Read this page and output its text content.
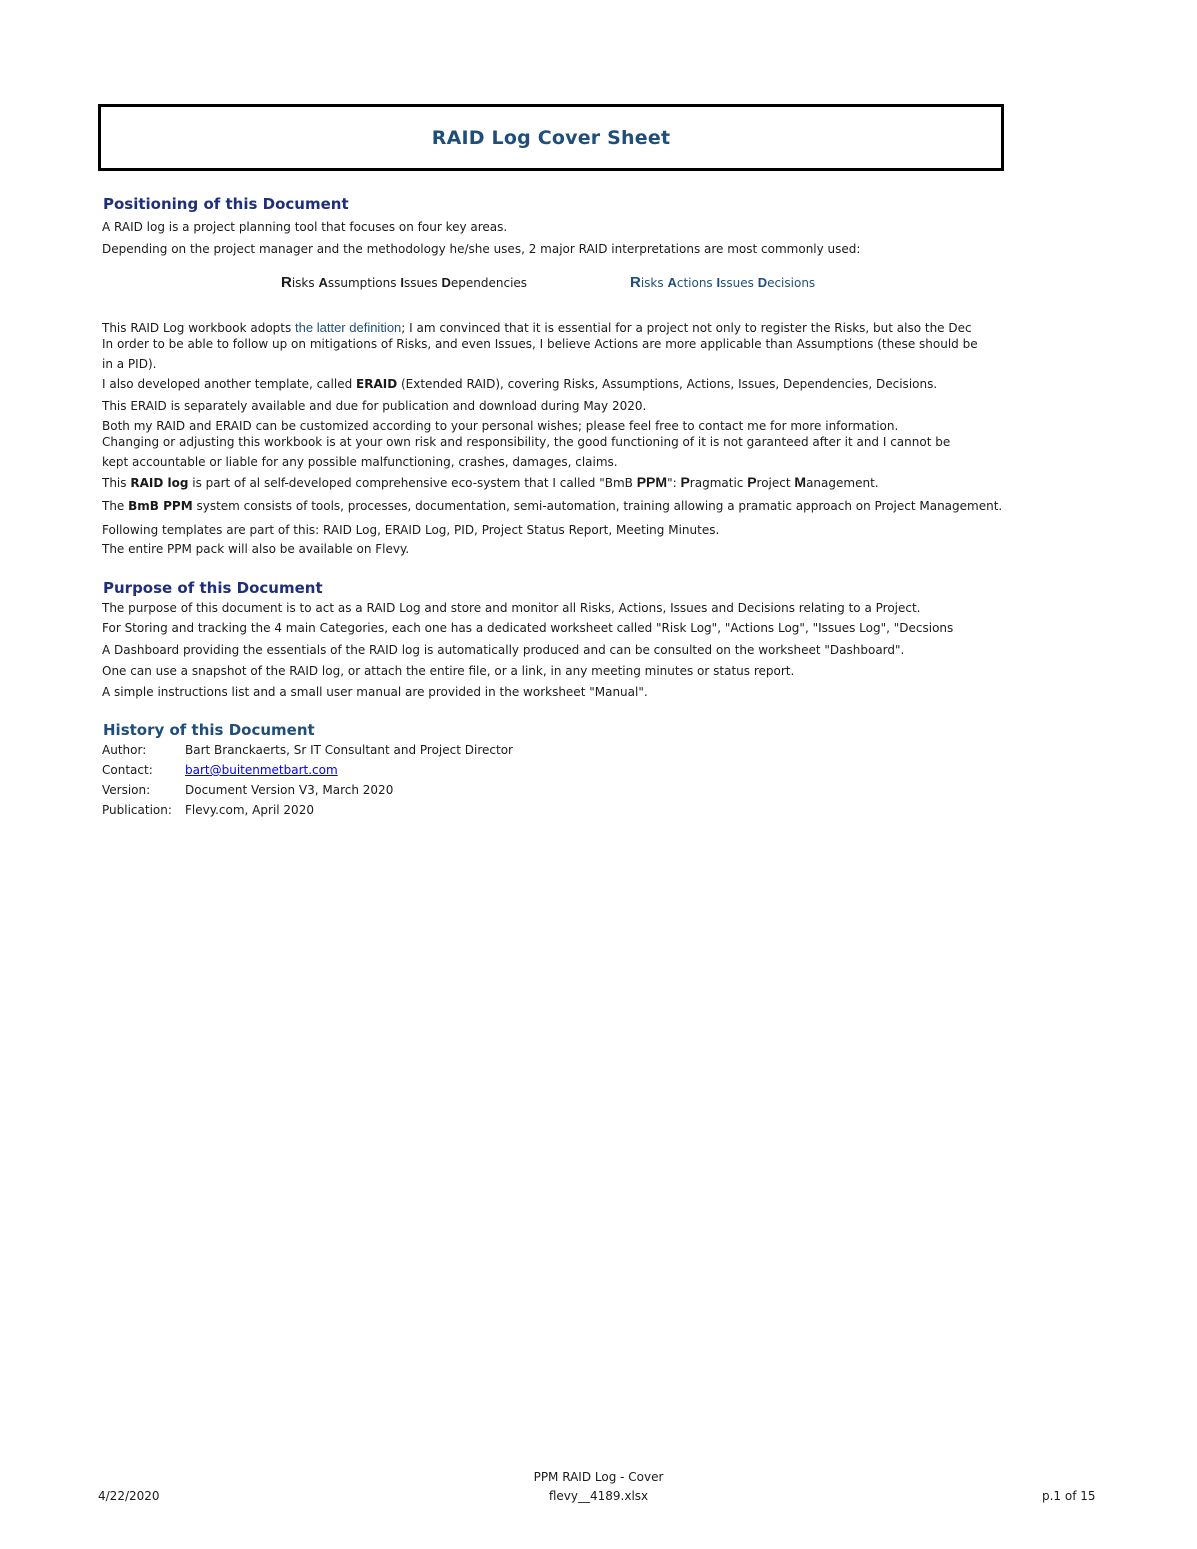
RAID Log Cover Sheet
Positioning of this Document
A RAID log is a project planning tool that focuses on four key areas.
Depending on the project manager and the methodology he/she uses, 2 major RAID interpretations are most commonly used:
Risks Assumptions Issues Dependencies	Risks Actions Issues Decisions
This RAID Log workbook adopts the latter definition; I am convinced that it is essential for a project not only to register the Risks, but also the Dec
In order to be able to follow up on mitigations of Risks, and even Issues, I believe Actions are more applicable than Assumptions (these should be
in a PID).
I also developed another template, called ERAID (Extended RAID), covering Risks, Assumptions, Actions, Issues, Dependencies, Decisions.
This ERAID is separately available and due for publication and download during May 2020.
Both my RAID and ERAID can be customized according to your personal wishes; please feel free to contact me for more information.
Changing or adjusting this workbook is at your own risk and responsibility, the good functioning of it is not garanteed after it and I cannot be
kept accountable or liable for any possible malfunctioning, crashes, damages, claims.
This RAID log is part of al self-developed comprehensive eco-system that I called "BmB PPM": Pragmatic Project Management.
The BmB PPM system consists of tools, processes, documentation, semi-automation, training allowing a pramatic approach on Project Management.
Following templates are part of this: RAID Log, ERAID Log, PID, Project Status Report, Meeting Minutes.
The entire PPM pack will also be available on Flevy.
Purpose of this Document
The purpose of this document is to act as a RAID Log and store and monitor all Risks, Actions, Issues and Decisions relating to a Project.
For Storing and tracking the 4 main Categories, each one has a dedicated worksheet called "Risk Log", "Actions Log", "Issues Log", "Decsions
A Dashboard providing the essentials of the RAID log is automatically produced and can be consulted on the worksheet "Dashboard".
One can use a snapshot of the RAID log, or attach the entire file, or a link, in any meeting minutes or status report.
A simple instructions list and a small user manual are provided in the worksheet "Manual".
History of this Document
Author:	Bart Branckaerts, Sr IT Consultant and Project Director
Contact:	bart@buitenmetbart.com
Version:	Document Version V3, March 2020
Publication: Flevy.com, April 2020
4/22/2020
PPM RAID Log - Cover
flevy__4189.xlsx	p.1 of 15
